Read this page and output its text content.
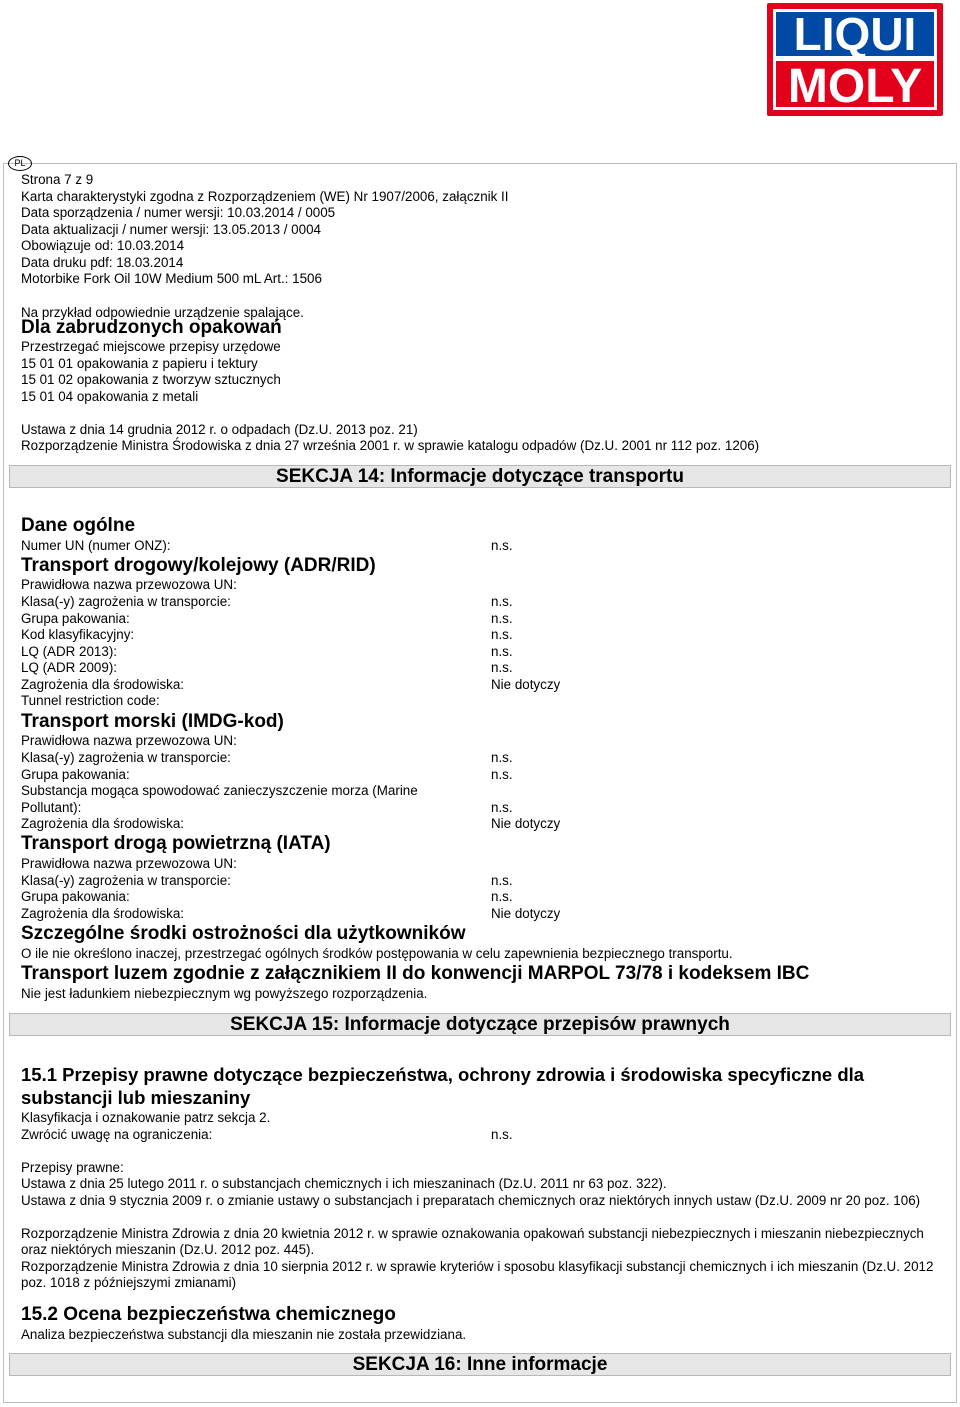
LIQUI
MOLY
PL
Strona 7 z 9
Karta charakterystyki zgodna z Rozporządzeniem (WE) Nr 1907/2006, załącznik II
Data sporządzenia / numer wersji: 10.03.2014 / 0005
Data aktualizacji / numer wersji: 13.05.2013 / 0004
Obowiązuje od: 10.03.2014
Data druku pdf: 18.03.2014
Motorbike Fork Oil 10W Medium 500 mL Art.: 1506
Na przykład odpowiednie urządzenie spalające.
Dla zabrudzonych opakowań
Przestrzegać miejscowe przepisy urzędowe
15 01 01 opakowania z papieru i tektury
15 01 02 opakowania z tworzyw sztucznych
15 01 04 opakowania z metali
Ustawa z dnia 14 grudnia 2012 r. o odpadach (Dz.U. 2013 poz. 21)
Rozporządzenie Ministra Środowiska z dnia 27 września 2001 r. w sprawie katalogu odpadów (Dz.U. 2001 nr 112 poz. 1206)
SEKCJA 14: Informacje dotyczące transportu
Dane ogólne
Numer UN (numer ONZ):	n.s.
Transport drogowy/kolejowy (ADR/RID)
Prawidłowa nazwa przewozowa UN:
Klasa(-y) zagrożenia w transporcie:	n.s.
Grupa pakowania:	n.s.
Kod klasyfikacyjny:	n.s.
LQ (ADR 2013):	n.s.
LQ (ADR 2009):	n.s.
Zagrożenia dla środowiska:	Nie dotyczy
Tunnel restriction code:
Transport morski (IMDG-kod)
Prawidłowa nazwa przewozowa UN:
Klasa(-y) zagrożenia w transporcie:	n.s.
Grupa pakowania:	n.s.
Substancja mogąca spowodować zanieczyszczenie morza (Marine
Pollutant):	n.s.
Zagrożenia dla środowiska:	Nie dotyczy
Transport drogą powietrzną (IATA)
Prawidłowa nazwa przewozowa UN:
Klasa(-y) zagrożenia w transporcie:	n.s.
Grupa pakowania:	n.s.
Zagrożenia dla środowiska:	Nie dotyczy
Szczególne środki ostrożności dla użytkowników
O ile nie określono inaczej, przestrzegać ogólnych środków postępowania w celu zapewnienia bezpiecznego transportu.
Transport luzem zgodnie z załącznikiem II do konwencji MARPOL 73/78 i kodeksem IBC
Nie jest ładunkiem niebezpiecznym wg powyższego rozporządzenia.
SEKCJA 15: Informacje dotyczące przepisów prawnych
15.1 Przepisy prawne dotyczące bezpieczeństwa, ochrony zdrowia i środowiska specyficzne dla substancji lub mieszaniny
Klasyfikacja i oznakowanie patrz sekcja 2.
Zwrócić uwagę na ograniczenia:	n.s.
Przepisy prawne:
Ustawa z dnia 25 lutego 2011 r. o substancjach chemicznych i ich mieszaninach (Dz.U. 2011 nr 63 poz. 322).
Ustawa z dnia 9 stycznia 2009 r. o zmianie ustawy o substancjach i preparatach chemicznych oraz niektórych innych ustaw (Dz.U. 2009 nr 20 poz. 106)
Rozporządzenie Ministra Zdrowia z dnia 20 kwietnia 2012 r. w sprawie oznakowania opakowań substancji niebezpiecznych i mieszanin niebezpiecznych oraz niektórych mieszanin (Dz.U. 2012 poz. 445).
Rozporządzenie Ministra Zdrowia z dnia 10 sierpnia 2012 r. w sprawie kryteriów i sposobu klasyfikacji substancji chemicznych i ich mieszanin (Dz.U. 2012 poz. 1018 z późniejszymi zmianami)
15.2 Ocena bezpieczeństwa chemicznego
Analiza bezpieczeństwa substancji dla mieszanin nie została przewidziana.
SEKCJA 16: Inne informacje
